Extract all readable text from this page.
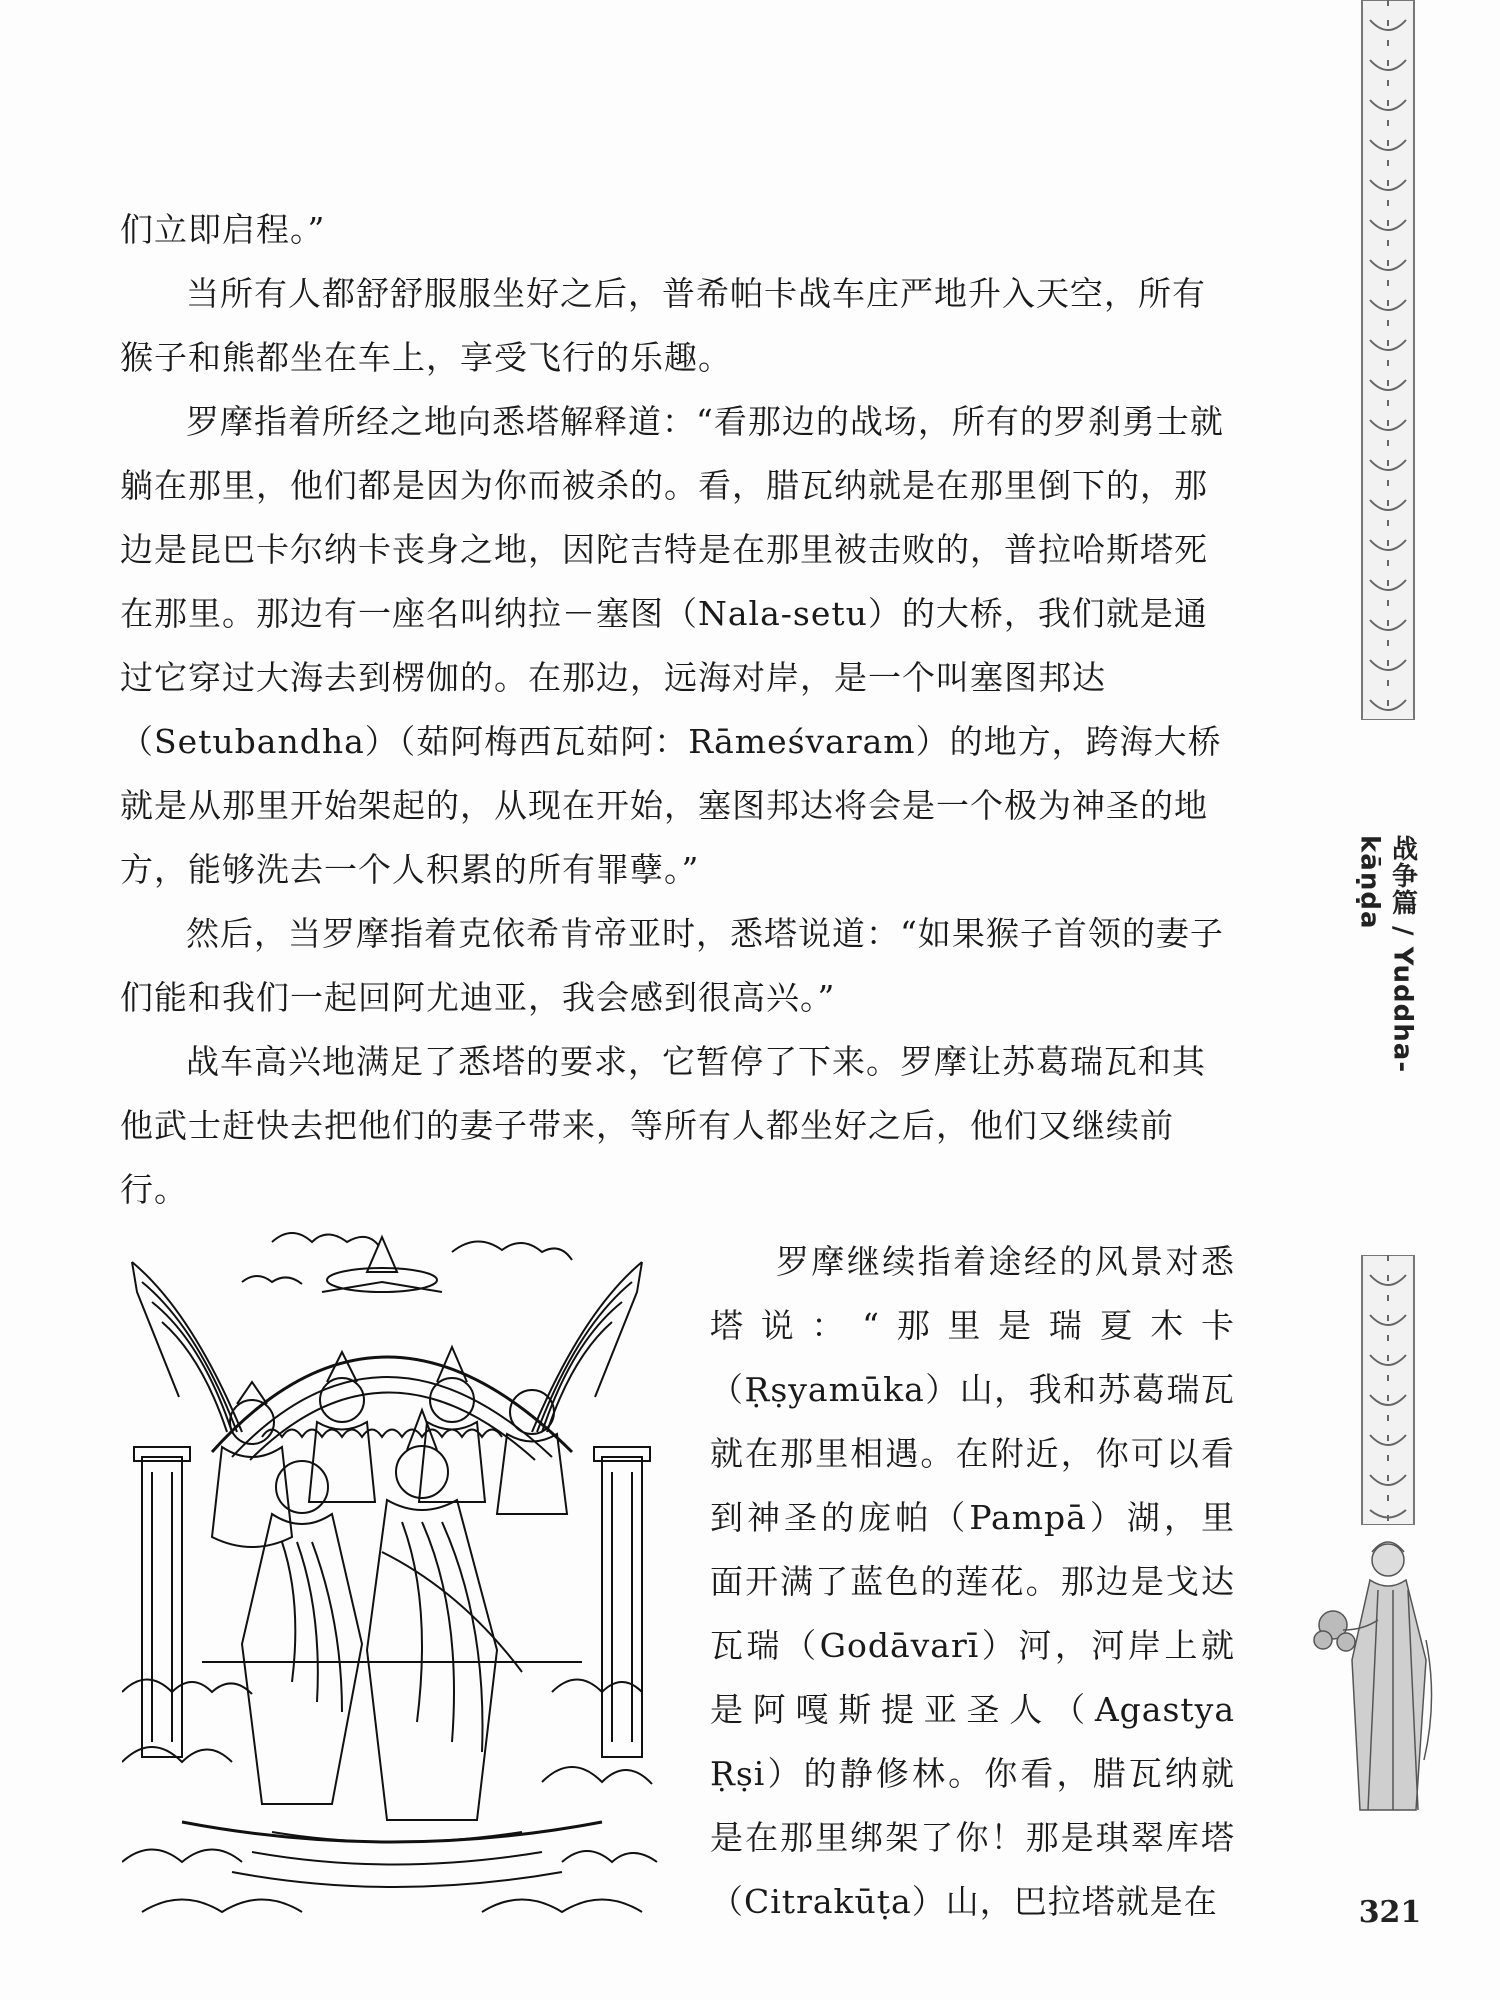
们立即启程。”

当所有人都舒舒服服坐好之后，普希帕卡战车庄严地升入天空，所有猴子和熊都坐在车上，享受飞行的乐趣。

罗摩指着所经之地向悉塔解释道：“看那边的战场，所有的罗刹勇士就躺在那里，他们都是因为你而被杀的。看，腊瓦纳就是在那里倒下的，那边是昆巴卡尔纳卡丧身之地，因陀吉特是在那里被击败的，普拉哈斯塔死在那里。那边有一座名叫纳拉－塞图（Nala-setu）的大桥，我们就是通过它穿过大海去到楞伽的。在那边，远海对岸，是一个叫塞图邦达（Setubandha）（茹阿梅西瓦茹阿：Rāmeśvaram）的地方，跨海大桥就是从那里开始架起的，从现在开始，塞图邦达将会是一个极为神圣的地方，能够洗去一个人积累的所有罪孽。”

然后，当罗摩指着克依希肯帝亚时，悉塔说道：“如果猴子首领的妻子们能和我们一起回阿尤迪亚，我会感到很高兴。”

战车高兴地满足了悉塔的要求，它暂停了下来。罗摩让苏葛瑞瓦和其他武士赶快去把他们的妻子带来，等所有人都坐好之后，他们又继续前行。

罗摩继续指着途经的风景对悉塔说：“那里是瑞夏木卡（Ṛṣyamūka）山，我和苏葛瑞瓦就在那里相遇。在附近，你可以看到神圣的庞帕（Pampā）湖，里面开满了蓝色的莲花。那边是戈达瓦瑞（Godāvarī）河，河岸上就是阿嘎斯提亚圣人（Agastya Ṛṣi）的静修林。你看，腊瓦纳就是在那里绑架了你！那是琪翠库塔（Citrakūṭa）山，巴拉塔就是在

战争篇 / Yuddha-kāṇḍa
321
